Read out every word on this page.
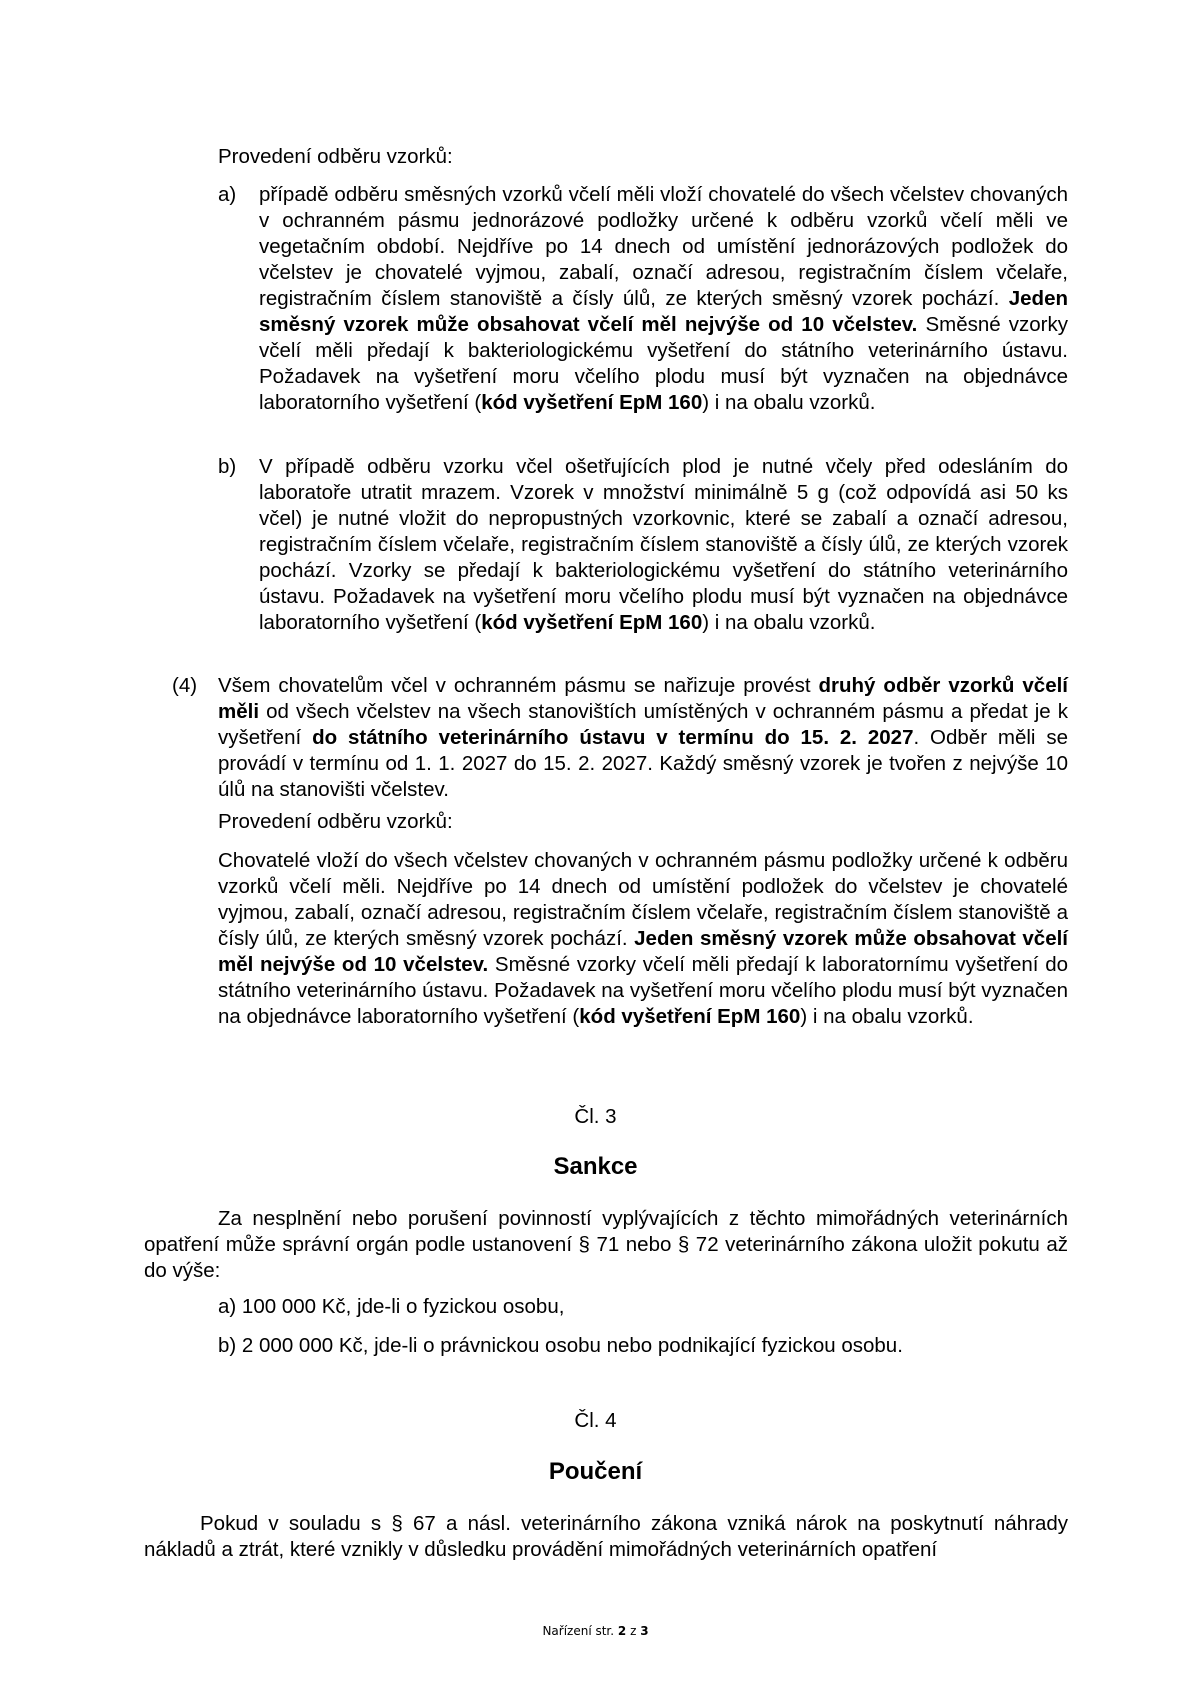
Provedení odběru vzorků:

a) případě odběru směsných vzorků včelí měli vloží chovatelé do všech včelstev chovaných v ochranném pásmu jednorázové podložky určené k odběru vzorků včelí měli ve vegetačním období. Nejdříve po 14 dnech od umístění jednorázových podložek do včelstev je chovatelé vyjmou, zabalí, označí adresou, registračním číslem včelaře, registračním číslem stanoviště a čísly úlů, ze kterých směsný vzorek pochází. Jeden směsný vzorek může obsahovat včelí měl nejvýše od 10 včelstev. Směsné vzorky včelí měli předají k bakteriologickému vyšetření do státního veterinárního ústavu. Požadavek na vyšetření moru včelího plodu musí být vyznačen na objednávce laboratorního vyšetření (kód vyšetření EpM 160) i na obalu vzorků.

b) V případě odběru vzorku včel ošetřujících plod je nutné včely před odesláním do laboratoře utratit mrazem. Vzorek v množství minimálně 5 g (což odpovídá asi 50 ks včel) je nutné vložit do nepropustných vzorkovnic, které se zabalí a označí adresou, registračním číslem včelaře, registračním číslem stanoviště a čísly úlů, ze kterých vzorek pochází. Vzorky se předají k bakteriologickému vyšetření do státního veterinárního ústavu. Požadavek na vyšetření moru včelího plodu musí být vyznačen na objednávce laboratorního vyšetření (kód vyšetření EpM 160) i na obalu vzorků.

(4) Všem chovatelům včel v ochranném pásmu se nařizuje provést druhý odběr vzorků včelí měli od všech včelstev na všech stanovištích umístěných v ochranném pásmu a předat je k vyšetření do státního veterinárního ústavu v termínu do 15. 2. 2027. Odběr měli se provádí v termínu od 1. 1. 2027 do 15. 2. 2027. Každý směsný vzorek je tvořen z nejvýše 10 úlů na stanovišti včelstev.

Provedení odběru vzorků:

Chovatelé vloží do všech včelstev chovaných v ochranném pásmu podložky určené k odběru vzorků včelí měli. Nejdříve po 14 dnech od umístění podložek do včelstev je chovatelé vyjmou, zabalí, označí adresou, registračním číslem včelaře, registračním číslem stanoviště a čísly úlů, ze kterých směsný vzorek pochází. Jeden směsný vzorek může obsahovat včelí měl nejvýše od 10 včelstev. Směsné vzorky včelí měli předají k laboratornímu vyšetření do státního veterinárního ústavu. Požadavek na vyšetření moru včelího plodu musí být vyznačen na objednávce laboratorního vyšetření (kód vyšetření EpM 160) i na obalu vzorků.

Čl. 3
Sankce

Za nesplnění nebo porušení povinností vyplývajících z těchto mimořádných veterinárních opatření může správní orgán podle ustanovení § 71 nebo § 72 veterinárního zákona uložit pokutu až do výše:

a) 100 000 Kč, jde-li o fyzickou osobu,

b) 2 000 000 Kč, jde-li o právnickou osobu nebo podnikající fyzickou osobu.

Čl. 4
Poučení

Pokud v souladu s § 67 a násl. veterinárního zákona vzniká nárok na poskytnutí náhrady nákladů a ztrát, které vznikly v důsledku provádění mimořádných veterinárních opatření

Nařízení str. 2 z 3
